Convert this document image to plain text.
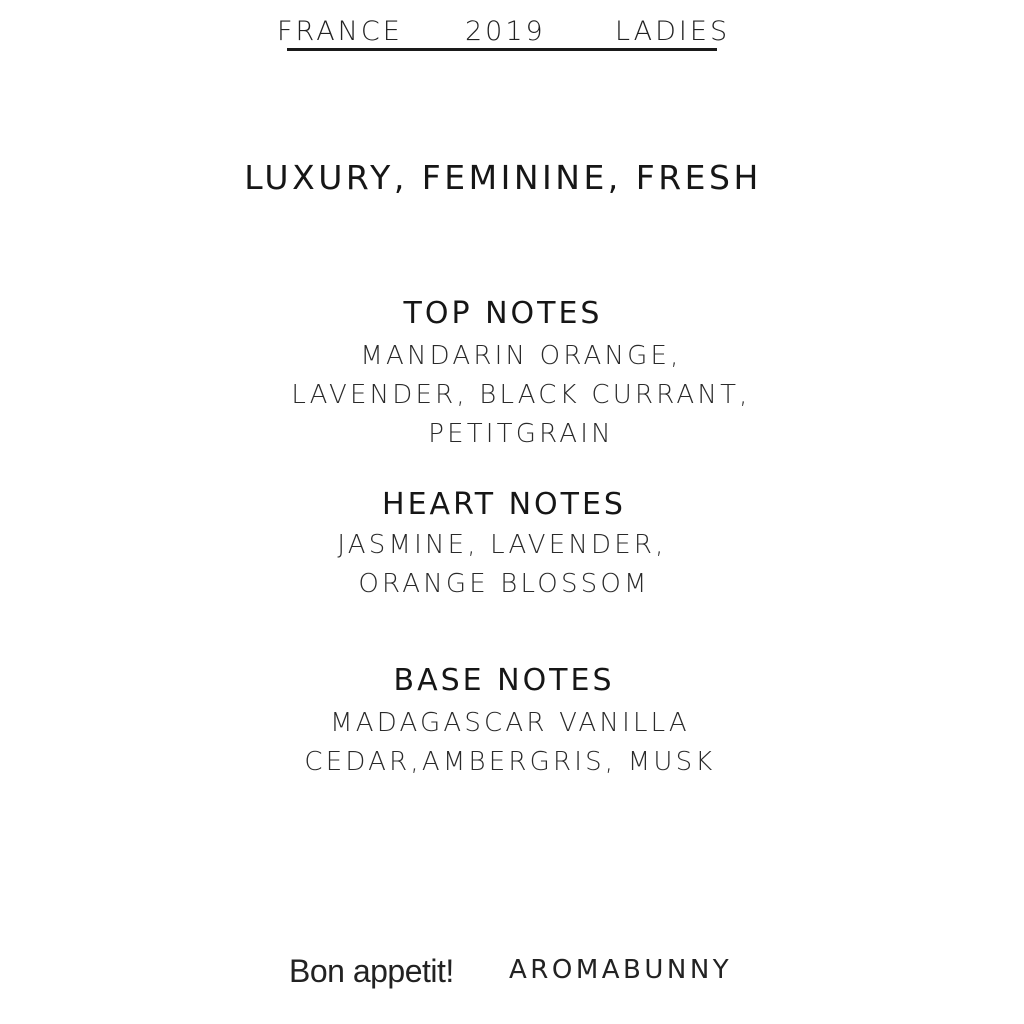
FRANCE 2019	LADIES
LUXURY, FEMININE, FRESH
TOP NOTES
MANDARIN ORANGE,
LAVENDER, BLACK CURRANT,
PETITGRAIN
HEART NOTES
JASMINE, LAVENDER,
ORANGE BLOSSOM
BASE NOTES
MADAGASCAR VANILLA
CEDAR,AMBERGRIS, MUSK
Bon appetit! AROMABUNNY
